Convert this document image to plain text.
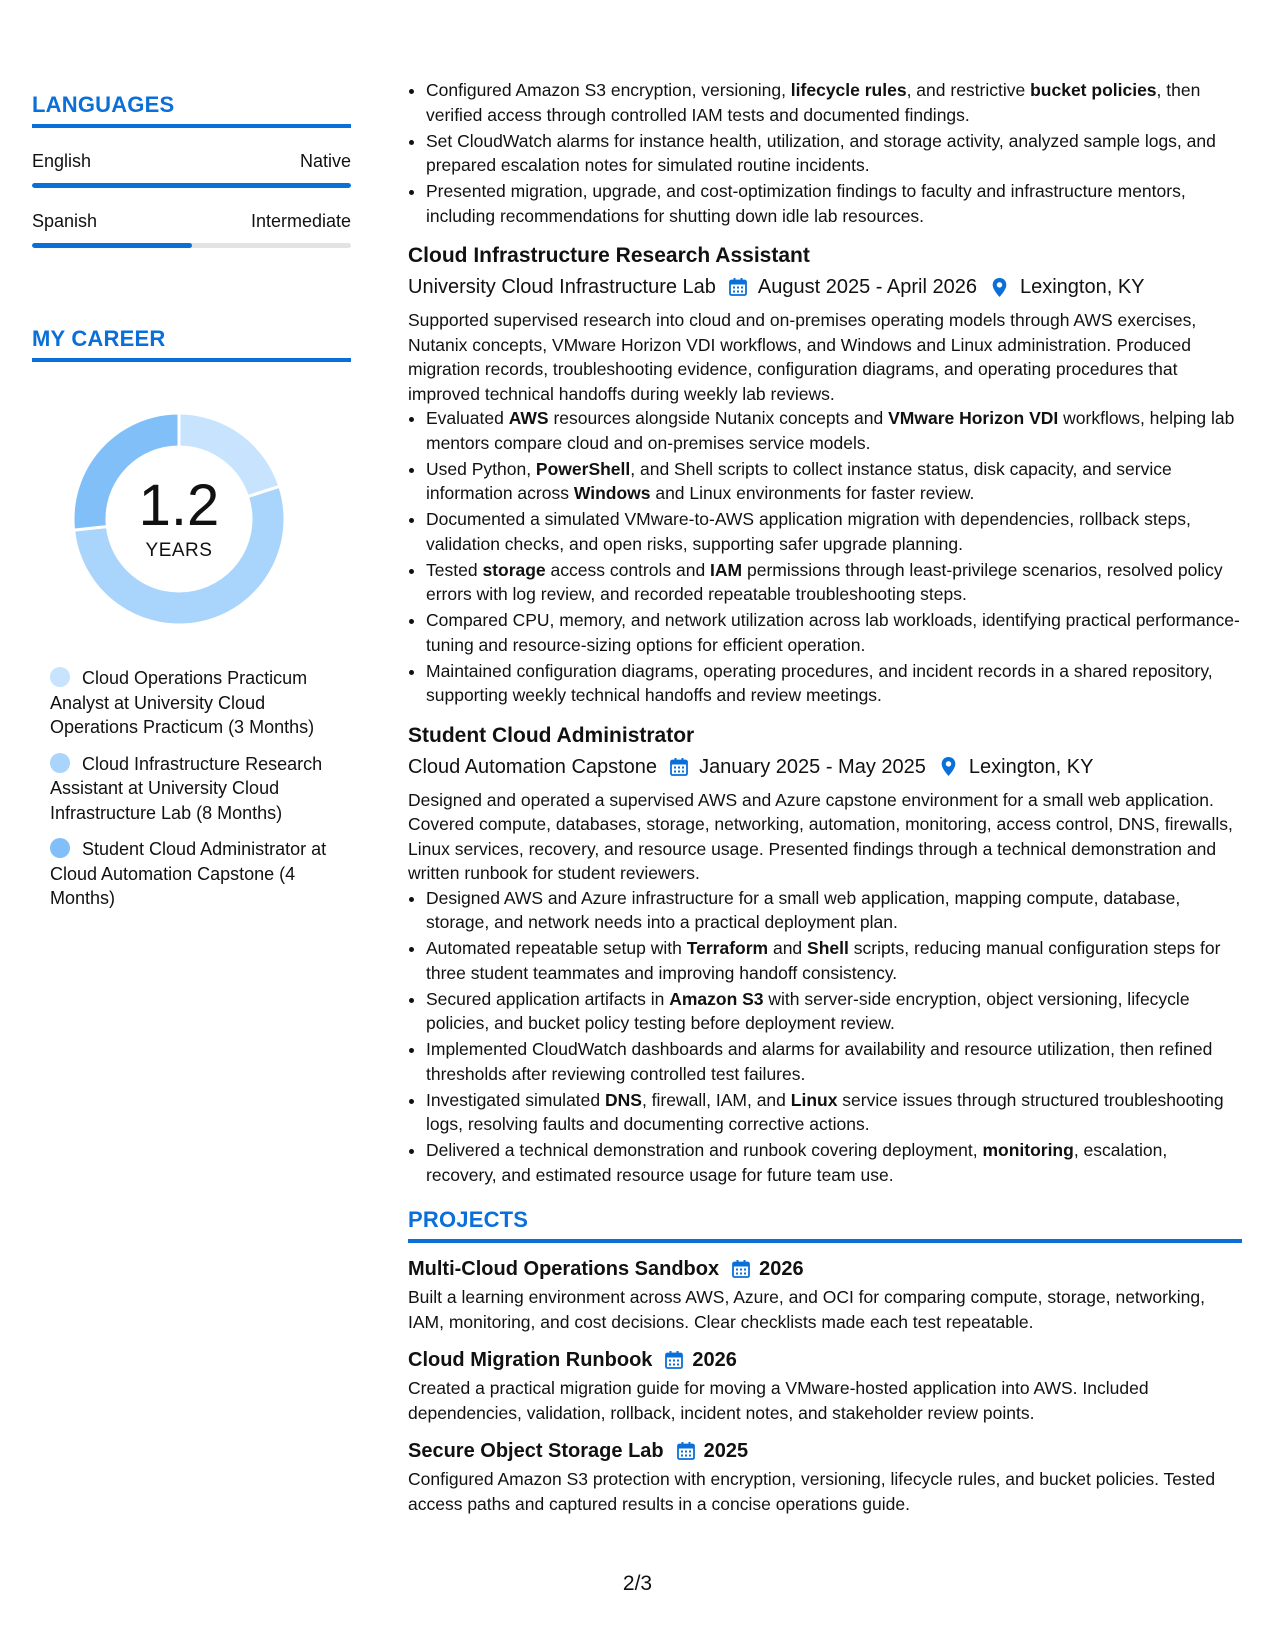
LANGUAGES
English	Native
Spanish	Intermediate
MY CAREER
1.2
YEARS
Cloud Operations Practicum Analyst at University Cloud Operations Practicum (3 Months)
Cloud Infrastructure Research Assistant at University Cloud Infrastructure Lab (8 Months)
Student Cloud Administrator at Cloud Automation Capstone (4 Months)
• Configured Amazon S3 encryption, versioning, lifecycle rules, and restrictive bucket policies, then verified access through controlled IAM tests and documented findings.
• Set CloudWatch alarms for instance health, utilization, and storage activity, analyzed sample logs, and prepared escalation notes for simulated routine incidents.
• Presented migration, upgrade, and cost-optimization findings to faculty and infrastructure mentors, including recommendations for shutting down idle lab resources.
Cloud Infrastructure Research Assistant
University Cloud Infrastructure Lab August 2025 - April 2026 Lexington, KY
Supported supervised research into cloud and on-premises operating models through AWS exercises, Nutanix concepts, VMware Horizon VDI workflows, and Windows and Linux administration. Produced migration records, troubleshooting evidence, configuration diagrams, and operating procedures that improved technical handoffs during weekly lab reviews.
• Evaluated AWS resources alongside Nutanix concepts and VMware Horizon VDI workflows, helping lab mentors compare cloud and on-premises service models.
• Used Python, PowerShell, and Shell scripts to collect instance status, disk capacity, and service information across Windows and Linux environments for faster review.
• Documented a simulated VMware-to-AWS application migration with dependencies, rollback steps, validation checks, and open risks, supporting safer upgrade planning.
• Tested storage access controls and IAM permissions through least-privilege scenarios, resolved policy errors with log review, and recorded repeatable troubleshooting steps.
• Compared CPU, memory, and network utilization across lab workloads, identifying practical performance-tuning and resource-sizing options for efficient operation.
• Maintained configuration diagrams, operating procedures, and incident records in a shared repository, supporting weekly technical handoffs and review meetings.
Student Cloud Administrator
Cloud Automation Capstone January 2025 - May 2025 Lexington, KY
Designed and operated a supervised AWS and Azure capstone environment for a small web application. Covered compute, databases, storage, networking, automation, monitoring, access control, DNS, firewalls, Linux services, recovery, and resource usage. Presented findings through a technical demonstration and written runbook for student reviewers.
• Designed AWS and Azure infrastructure for a small web application, mapping compute, database, storage, and network needs into a practical deployment plan.
• Automated repeatable setup with Terraform and Shell scripts, reducing manual configuration steps for three student teammates and improving handoff consistency.
• Secured application artifacts in Amazon S3 with server-side encryption, object versioning, lifecycle policies, and bucket policy testing before deployment review.
• Implemented CloudWatch dashboards and alarms for availability and resource utilization, then refined thresholds after reviewing controlled test failures.
• Investigated simulated DNS, firewall, IAM, and Linux service issues through structured troubleshooting logs, resolving faults and documenting corrective actions.
• Delivered a technical demonstration and runbook covering deployment, monitoring, escalation, recovery, and estimated resource usage for future team use.
PROJECTS
Multi-Cloud Operations Sandbox 2026
Built a learning environment across AWS, Azure, and OCI for comparing compute, storage, networking, IAM, monitoring, and cost decisions. Clear checklists made each test repeatable.
Cloud Migration Runbook 2026
Created a practical migration guide for moving a VMware-hosted application into AWS. Included dependencies, validation, rollback, incident notes, and stakeholder review points.
Secure Object Storage Lab 2025
Configured Amazon S3 protection with encryption, versioning, lifecycle rules, and bucket policies. Tested access paths and captured results in a concise operations guide.
2/3
